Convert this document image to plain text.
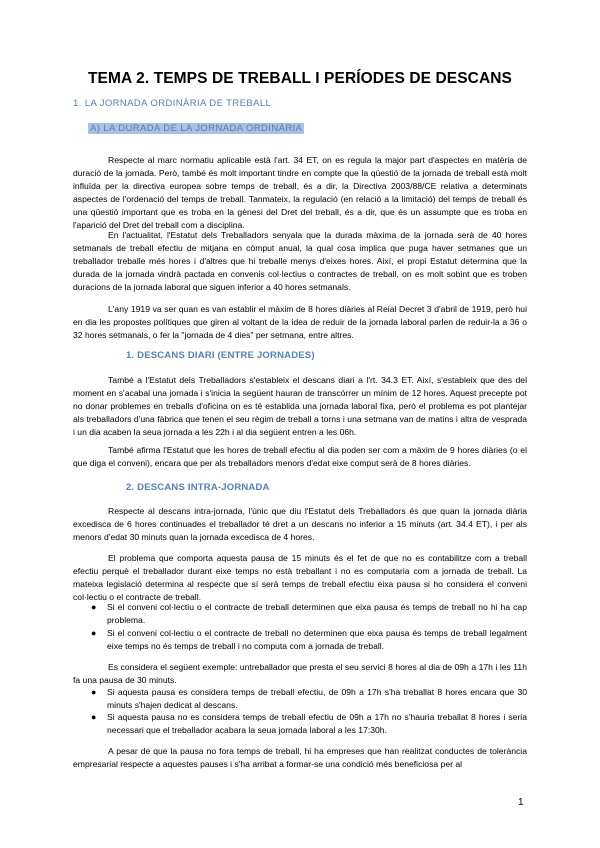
TEMA 2. TEMPS DE TREBALL I PERÍODES DE DESCANS
1. LA JORNADA ORDINÀRIA DE TREBALL
A) LA DURADA DE LA JORNADA ORDINÀRIA

Respecte al marc normatiu aplicable està l'art. 34 ET, on es regula la major part d'aspectes en matèria de duració de la jornada. Però, també és molt important tindre en compte que la qüestió de la jornada de treball està molt influïda per la directiva europea sobre temps de treball, és a dir, la Directiva 2003/88/CE relativa a determinats aspectes de l'ordenació del temps de treball. Tanmateix, la regulació (en relació a la limitació) del temps de treball és una qüestió important que es troba en la gènesi del Dret del treball, és a dir, que és un assumpte que es troba en l'aparició del Dret del treball com a disciplina.

En l'actualitat, l'Estatut dels Treballadors senyala que la durada màxima de la jornada serà de 40 hores setmanals de treball efectiu de mitjana en còmput anual, la qual cosa implica que puga haver setmanes que un treballador treballe més hores i d'altres que hi treballe menys d'eixes hores. Així, el propi Estatut determina que la durada de la jornada vindrà pactada en convenis col·lectius o contractes de treball, on es molt sobint que es troben duracions de la jornada laboral que siguen inferior a 40 hores setmanals.

L'any 1919 va ser quan es van establir el màxim de 8 hores diàries al Reial Decret 3 d'abril de 1919, però hui en dia les propostes polítiques que giren al voltant de la idea de reduir de la jornada laboral parlen de reduir-la a 36 o 32 hores setmanals, o fer la "jornada de 4 dies" per setmana, entre altres.

1. DESCANS DIARI (ENTRE JORNADES)

També a l'Estatut dels Treballadors s'estableix el descans diari a l'rt. 34.3 ET. Així, s'estableix que des del moment en s'acabal una jornada i s'inicia la següent hauran de transcórrer un mínim de 12 hores. Aquest precepte pot no donar problemes en treballs d'oficina on es té establida una jornada laboral fixa, però el problema es pot plantejar als treballadors d'una fàbrica que tenen el seu règim de treball a torns i una setmana van de matins i altra de vesprada i un dia acaben la seua jornada a les 22h i al dia següent entren a les 06h.

També afirma l'Estatut que les hores de treball efectiu al dia poden ser com a màxim de 9 hores diàries (o el que diga el conveni), encara que per als treballadors menors d'edat eixe comput serà de 8 hores diàries.

2. DESCANS INTRA-JORNADA

Respecte al descans intra-jornada, l'únic que diu l'Estatut dels Treballadors és que quan la jornada diària excedisca de 6 hores continuades el treballador té dret a un descans no inferior a 15 minuts (art. 34.4 ET), i per als menors d'edat 30 minuts quan la jornada excedisca de 4 hores.

El problema que comporta aquesta pausa de 15 minuts és el fet de que no es contabilitze com a treball efectiu perquè el treballador durant eixe temps no està treballant i no es computaria com a jornada de treball. La mateixa legislació determina al respecte que sí serà temps de treball efectiu eixa pausa si ho considera el conveni col·lectiu o el contracte de treball.

● Si el conveni col·lectiu o el contracte de treball determinen que eixa pausa és temps de treball no hi ha cap problema.

● Si el conveni col·lectiu o el contracte de treball no determinen que eixa pausa és temps de treball legalment eixe temps no és temps de treball i no computa com a jornada de treball.

Es considera el següent exemple: untreballador que presta el seu servici 8 hores al dia de 09h a 17h i les 11h fa una pausa de 30 minuts.

● Si aquesta pausa es considera temps de treball efectiu, de 09h a 17h s'ha treballat 8 hores encara que 30 minuts s'hajen dedicat al descans.

● Si aquesta pausa no es considera temps de treball efectiu de 09h a 17h no s'hauria treballat 8 hores i seria necessari que el treballador acabara la seua jornada laboral a les 17:30h.

A pesar de que la pausa no fora temps de treball, hi ha empreses que han realitzat conductes de tolerància empresarial respecte a aquestes pauses i s'ha arribat a formar-se una condició més beneficiosa per al

1
